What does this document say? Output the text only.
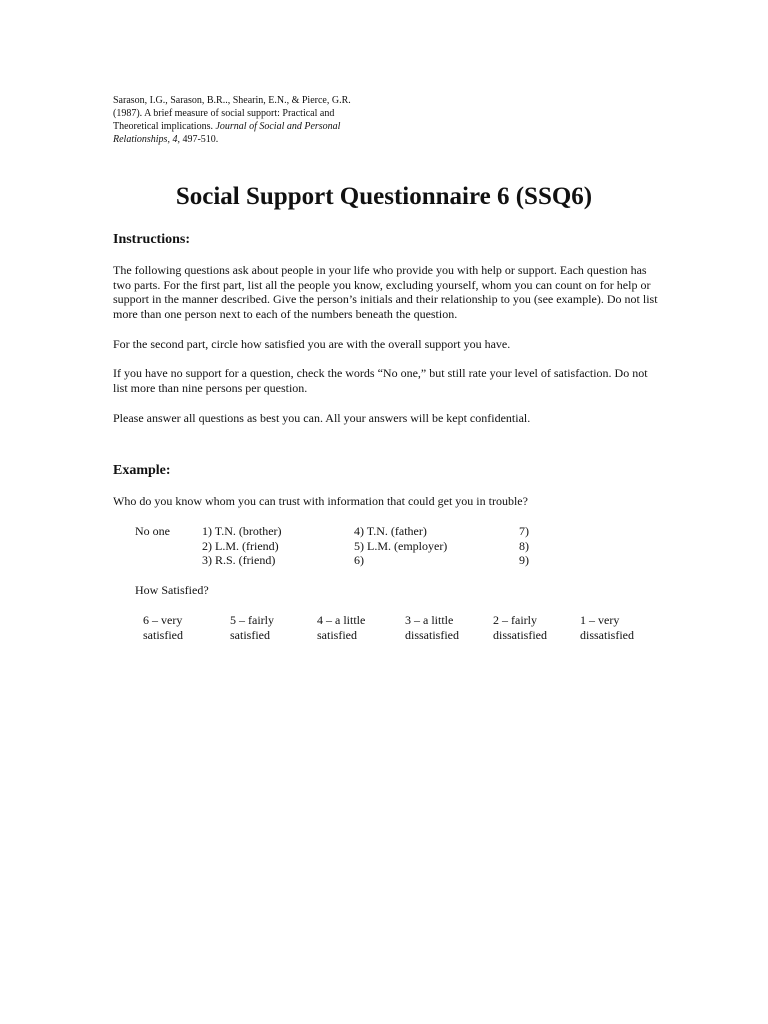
Sarason, I.G., Sarason, B.R.., Shearin, E.N., & Pierce, G.R. (1987). A brief measure of social support: Practical and Theoretical implications. Journal of Social and Personal Relationships, 4, 497-510.
Social Support Questionnaire 6 (SSQ6)
Instructions:

The following questions ask about people in your life who provide you with help or support. Each question has two parts. For the first part, list all the people you know, excluding yourself, whom you can count on for help or support in the manner described. Give the person’s initials and their relationship to you (see example). Do not list more than one person next to each of the numbers beneath the question.

For the second part, circle how satisfied you are with the overall support you have.

If you have no support for a question, check the words “No one,” but still rate your level of satisfaction. Do not list more than nine persons per question.

Please answer all questions as best you can. All your answers will be kept confidential.

Example:

Who do you know whom you can trust with information that could get you in trouble?

No one	1) T.N. (brother)
2) L.M. (friend)
3) R.S. (friend)
4) T.N. (father)
5) L.M. (employer)
6)
7)
8)
9)

How Satisfied?

6 – very
satisfied
5 – fairly
satisfied
4 – a little
satisfied
3 – a little
dissatisfied
2 – fairly
dissatisfied
1 – very
dissatisfied
